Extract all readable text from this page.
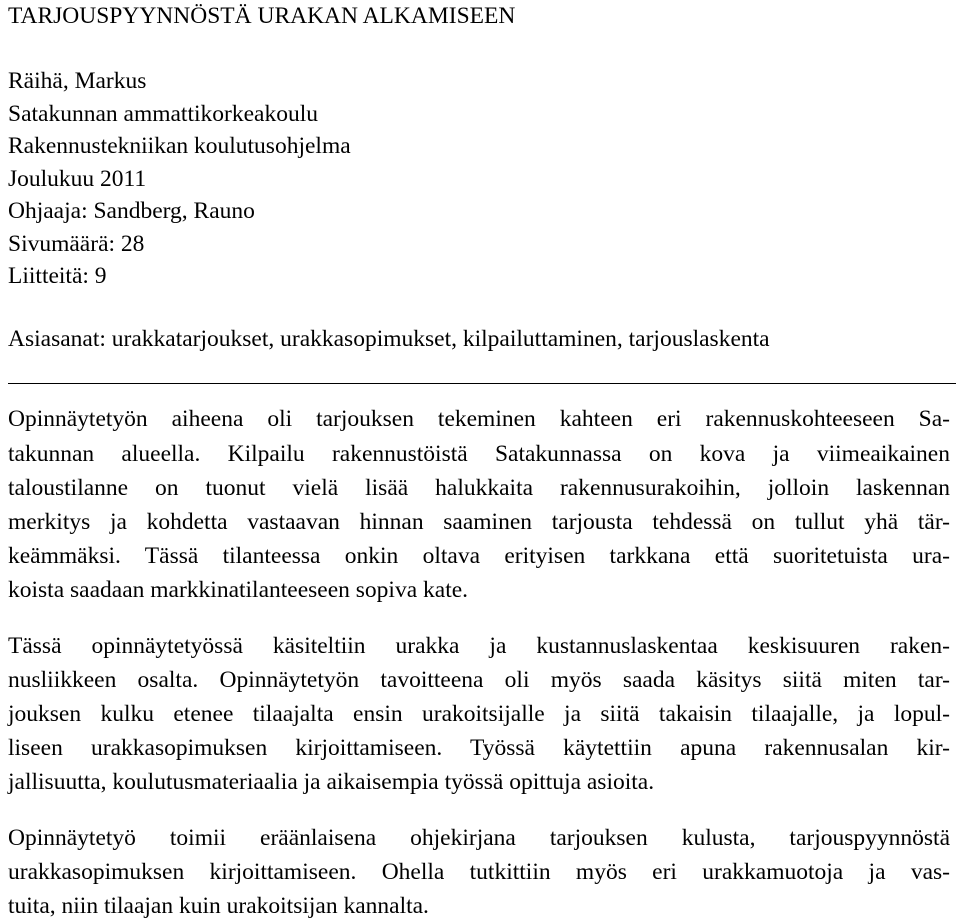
TARJOUSPYYNNÖSTÄ URAKAN ALKAMISEEN

Räihä, Markus

Satakunnan ammattikorkeakoulu

Rakennustekniikan koulutusohjelma

Joulukuu 2011

Ohjaaja: Sandberg, Rauno

Sivumäärä: 28

Liitteitä: 9

Asiasanat: urakkatarjoukset, urakkasopimukset, kilpailuttaminen, tarjouslaskenta

Opinnäytetyön aiheena oli tarjouksen tekeminen kahteen eri rakennuskohteeseen Sa-

takunnan alueella. Kilpailu rakennustöistä Satakunnassa on kova ja viimeaikainen

taloustilanne on tuonut vielä lisää halukkaita rakennusurakoihin, jolloin laskennan

merkitys ja kohdetta vastaavan hinnan saaminen tarjousta tehdessä on tullut yhä tär-

keämmäksi. Tässä tilanteessa onkin oltava erityisen tarkkana että suoritetuista ura-

koista saadaan markkinatilanteeseen sopiva kate.

Tässä opinnäytetyössä käsiteltiin urakka ja kustannuslaskentaa keskisuuren raken-

nusliikkeen osalta. Opinnäytetyön tavoitteena oli myös saada käsitys siitä miten tar-

jouksen kulku etenee tilaajalta ensin urakoitsijalle ja siitä takaisin tilaajalle, ja lopul-

liseen urakkasopimuksen kirjoittamiseen. Työssä käytettiin apuna rakennusalan kir-

jallisuutta, koulutusmateriaalia ja aikaisempia työssä opittuja asioita.

Opinnäytetyö toimii eräänlaisena ohjekirjana tarjouksen kulusta, tarjouspyynnöstä

urakkasopimuksen kirjoittamiseen. Ohella tutkittiin myös eri urakkamuotoja ja vas-

tuita, niin tilaajan kuin urakoitsijan kannalta.
